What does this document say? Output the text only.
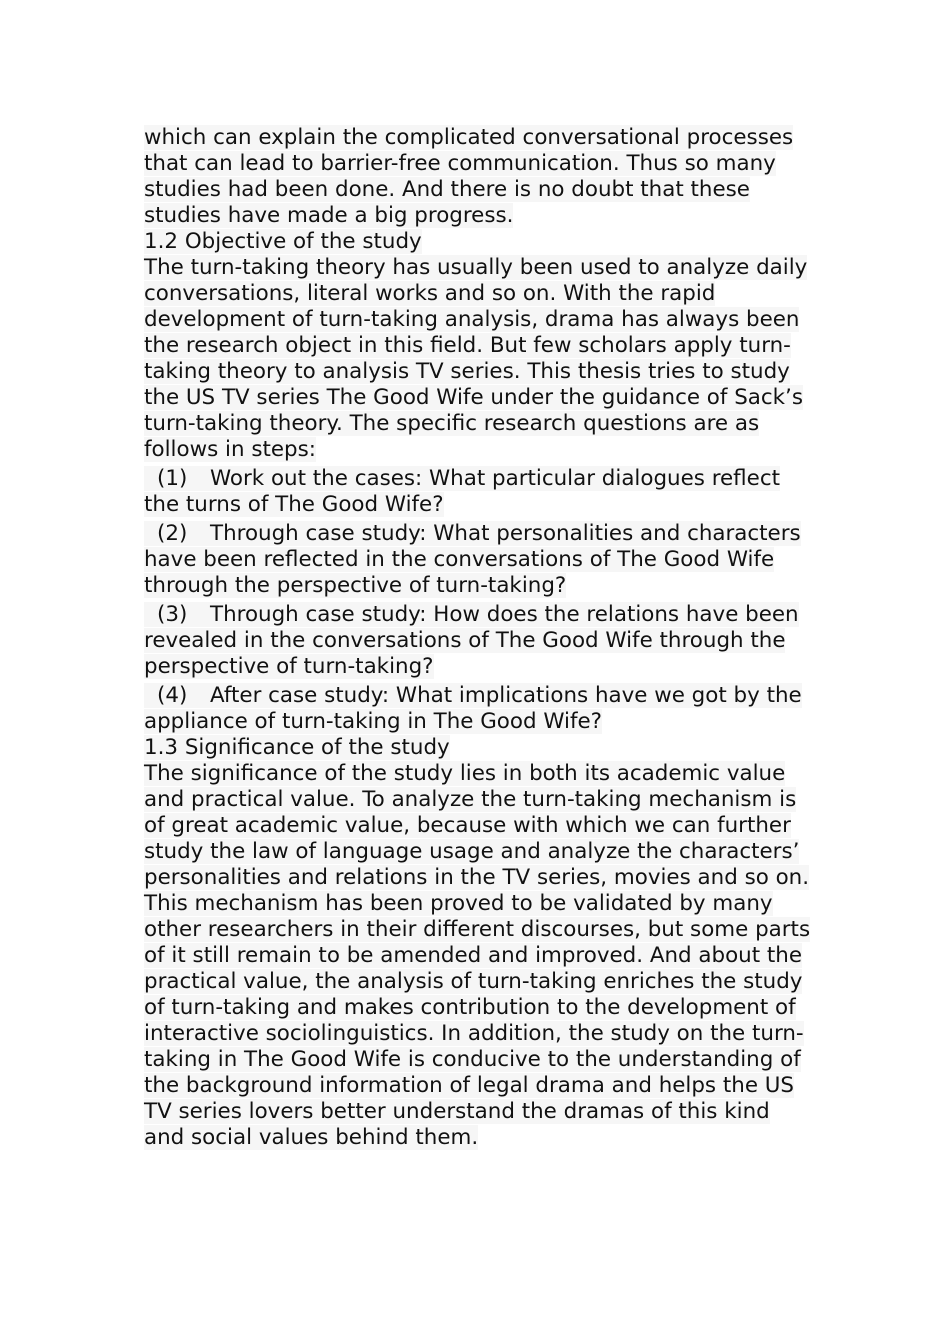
which can explain the complicated conversational processes that can lead to barrier-free communication. Thus so many studies had been done. And there is no doubt that these studies have made a big progress.

1.2 Objective of the study

The turn-taking theory has usually been used to analyze daily conversations, literal works and so on. With the rapid development of turn-taking analysis, drama has always been the research object in this field. But few scholars apply turn-taking theory to analysis TV series. This thesis tries to study the US TV series The Good Wife under the guidance of Sack’s turn-taking theory. The specific research questions are as follows in steps:

(1) Work out the cases: What particular dialogues reflect the turns of The Good Wife?

(2) Through case study: What personalities and characters have been reflected in the conversations of The Good Wife through the perspective of turn-taking?

(3) Through case study: How does the relations have been revealed in the conversations of The Good Wife through the perspective of turn-taking?

(4) After case study: What implications have we got by the appliance of turn-taking in The Good Wife?

1.3 Significance of the study

The significance of the study lies in both its academic value and practical value. To analyze the turn-taking mechanism is of great academic value, because with which we can further study the law of language usage and analyze the characters’ personalities and relations in the TV series, movies and so on. This mechanism has been proved to be validated by many other researchers in their different discourses, but some parts of it still remain to be amended and improved. And about the practical value, the analysis of turn-taking enriches the study of turn-taking and makes contribution to the development of interactive sociolinguistics. In addition, the study on the turn-taking in The Good Wife is conducive to the understanding of the background information of legal drama and helps the US TV series lovers better understand the dramas of this kind and social values behind them.
